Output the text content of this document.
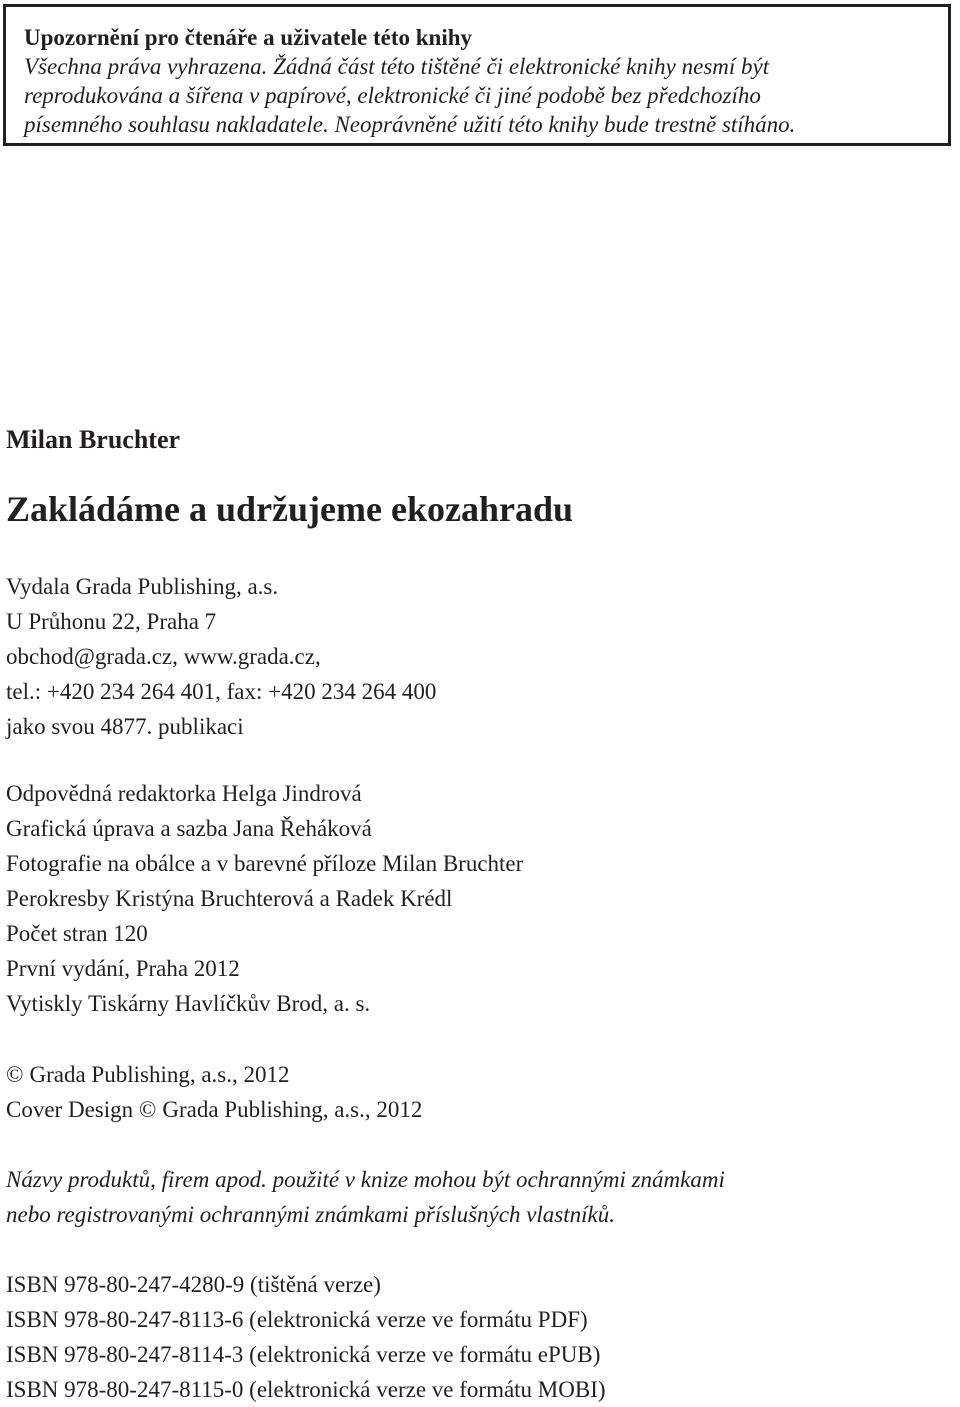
Upozornění pro čtenáře a uživatele této knihy
Všechna práva vyhrazena. Žádná část této tištěné či elektronické knihy nesmí být
reprodukována a šířena v papírové, elektronické či jiné podobě bez předchozího
písemného souhlasu nakladatele. Neoprávněné užití této knihy bude trestně stíháno.
Milan Bruchter
Zakládáme a udržujeme ekozahradu
Vydala Grada Publishing, a.s.
U Průhonu 22, Praha 7
obchod@grada.cz, www.grada.cz,
tel.: +420 234 264 401, fax: +420 234 264 400
jako svou 4877. publikaci
Odpovědná redaktorka Helga Jindrová
Grafická úprava a sazba Jana Řeháková
Fotografie na obálce a v barevné příloze Milan Bruchter
Perokresby Kristýna Bruchterová a Radek Krédl
Počet stran 120
První vydání, Praha 2012
Vytiskly Tiskárny Havlíčkův Brod, a. s.
© Grada Publishing, a.s., 2012
Cover Design © Grada Publishing, a.s., 2012
Názvy produktů, firem apod. použité v knize mohou být ochrannými známkami
nebo registrovanými ochrannými známkami příslušných vlastníků.
ISBN 978-80-247-4280-9 (tištěná verze)
ISBN 978-80-247-8113-6 (elektronická verze ve formátu PDF)
ISBN 978-80-247-8114-3 (elektronická verze ve formátu ePUB)
ISBN 978-80-247-8115-0 (elektronická verze ve formátu MOBI)
